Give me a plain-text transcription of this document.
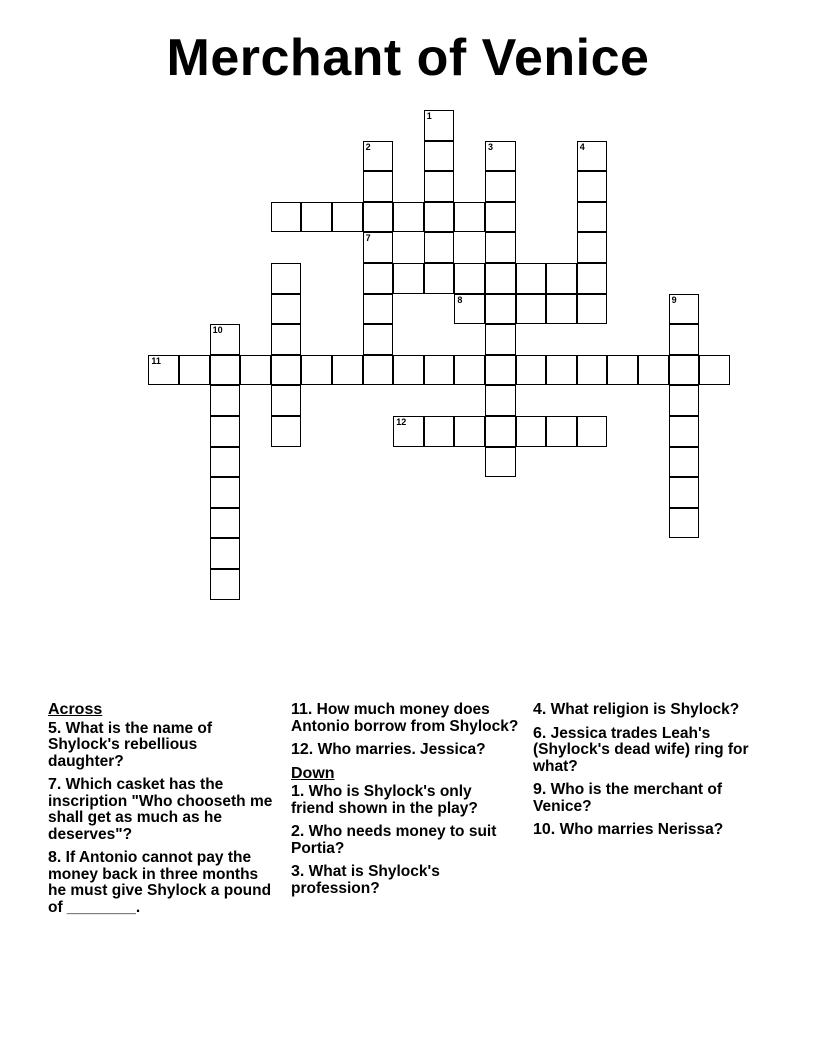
Merchant of Venice
2
7
1
3	4
8	9
10
11
12
Across
5. What is the name of Shylock's rebellious daughter?
7. Which casket has the inscription "Who chooseth me shall get as much as he deserves"?
8. If Antonio cannot pay the money back in three months he must give Shylock a pound of ________.
11. How much money does Antonio borrow from Shylock?
12. Who marries. Jessica?
Down
1. Who is Shylock's only friend shown in the play?
2. Who needs money to suit Portia?
3. What is Shylock's profession?
4. What religion is Shylock?
6. Jessica trades Leah's (Shylock's dead wife) ring for what?
9. Who is the merchant of Venice?
10. Who marries Nerissa?
